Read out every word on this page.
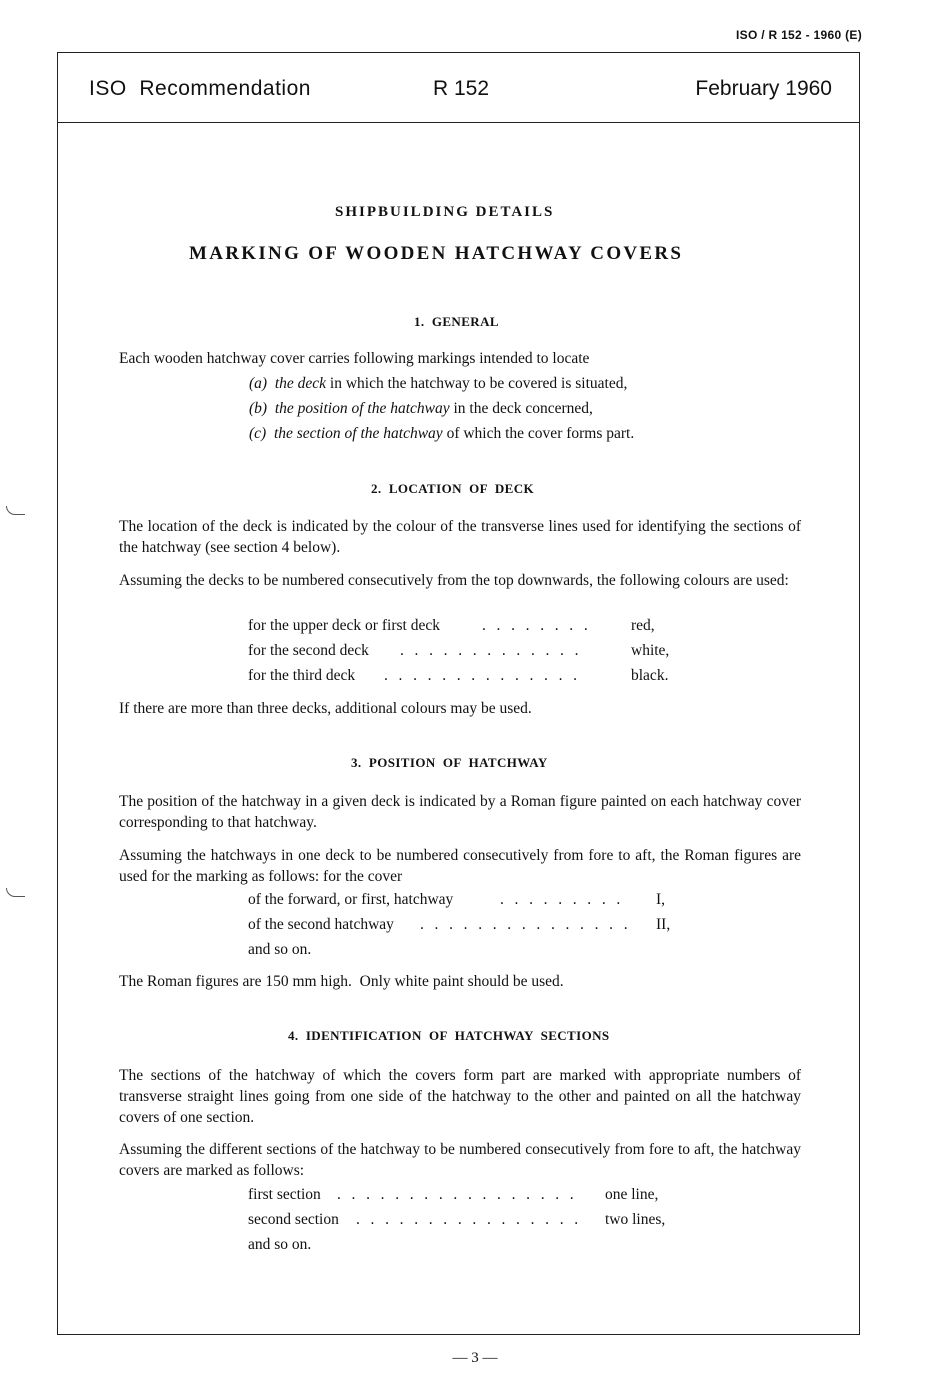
ISO / R 152 - 1960 (E)
ISO  Recommendation	R 152	February 1960
SHIPBUILDING DETAILS
MARKING OF WOODEN HATCHWAY COVERS
1.  GENERAL
Each wooden hatchway cover carries following markings intended to locate
(a) the deck in which the hatchway to be covered is situated,
(b) the position of the hatchway in the deck concerned,
(c) the section of the hatchway of which the cover forms part.
2.  LOCATION  OF  DECK
The location of the deck is indicated by the colour of the transverse lines used for identifying the sections of the hatchway (see section 4 below).
Assuming the decks to be numbered consecutively from the top downwards, the following colours are used:
for the upper deck or first deck	. . . . . . . .	red,
for the second deck . . . . . . . . . . . . .	white,
for the third deck . . . . . . . . . . . . . .	black.
If there are more than three decks, additional colours may be used.
3.  POSITION  OF  HATCHWAY
The position of the hatchway in a given deck is indicated by a Roman figure painted on each hatchway cover corresponding to that hatchway.
Assuming the hatchways in one deck to be numbered consecutively from fore to aft, the Roman figures are used for the marking as follows: for the cover
of the forward, or first, hatchway	. . . . . . . . . I,
of the second hatchway . . . . . . . . . . . . . . . II,
and so on.
The Roman figures are 150 mm high.  Only white paint should be used.
4.  IDENTIFICATION  OF  HATCHWAY  SECTIONS
The sections of the hatchway of which the covers form part are marked with appropriate numbers of transverse straight lines going from one side of the hatchway to the other and painted on all the hatchway covers of one section.
Assuming the different sections of the hatchway to be numbered consecutively from fore to aft, the hatchway covers are marked as follows:
first section . . . . . . . . . . . . . . . . . one line,
second section . . . . . . . . . . . . . . . . two lines,
and so on.
— 3 —
